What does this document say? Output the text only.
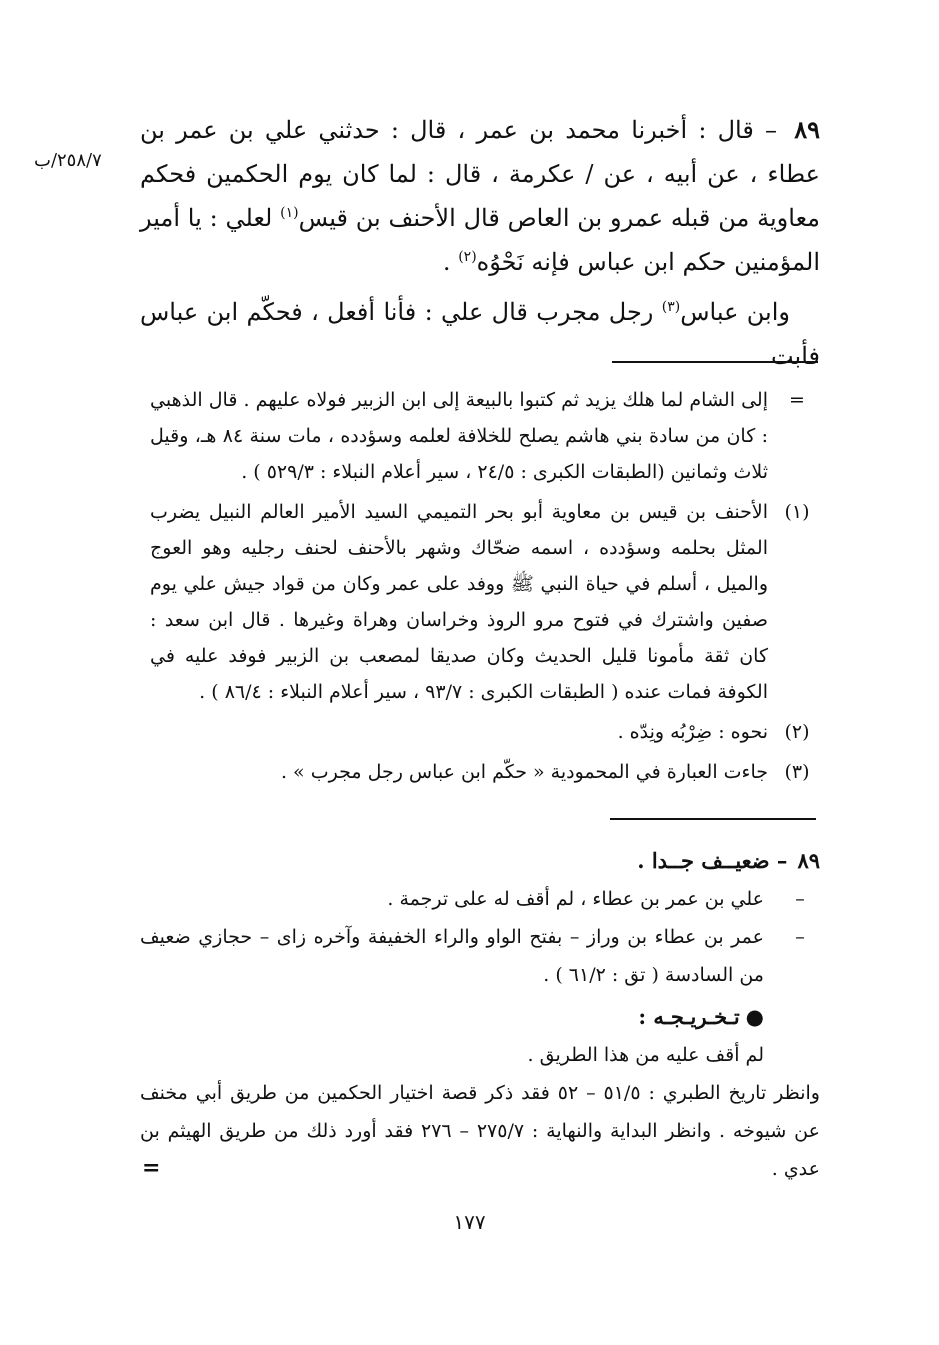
٢٥٨/٧/ب
٨٩ – قال : أخبرنا محمد بن عمر ، قال : حدثني علي بن عمر بن عطاء ، عن أبيه ، عن / عكرمة ، قال : لما كان يوم الحكمين فحكم معاوية من قبله عمرو بن العاص قال الأحنف بن قيس$^{(١)}$ لعلي : يا أمير المؤمنين حكم ابن عباس فإنه نَحْوُه$^{(٢)}$ .
وابن عباس$^{(٣)}$ رجل مجرب قال علي : فأنا أفعل ، فحكّم ابن عباس فأبت
=
إلى الشام لما هلك يزيد ثم كتبوا بالبيعة إلى ابن الزبير فولاه عليهم . قال الذهبي : كان من سادة بني هاشم يصلح للخلافة لعلمه وسؤدده ، مات سنة ٨٤ هـ، وقيل ثلاث وثمانين (الطبقات الكبرى : ٢٤/٥ ، سير أعلام النبلاء : ٥٢٩/٣ ) .
(١)
الأحنف بن قيس بن معاوية أبو بحر التميمي السيد الأمير العالم النبيل يضرب المثل بحلمه وسؤدده ، اسمه ضحّاك وشهر بالأحنف لحنف رجليه وهو العوج والميل ، أسلم في حياة النبي ﷺ ووفد على عمر وكان من قواد جيش علي يوم صفين واشترك في فتوح مرو الروذ وخراسان وهراة وغيرها . قال ابن سعد : كان ثقة مأمونا قليل الحديث وكان صديقا لمصعب بن الزبير فوفد عليه في الكوفة فمات عنده ( الطبقات الكبرى : ٩٣/٧ ، سير أعلام النبلاء : ٨٦/٤ ) .
(٢)
نحوه : ضِرْبُه ونِدّه .
(٣)
جاءت العبارة في المحمودية « حكّم ابن عباس رجل مجرب » .
٨٩– ضعيــف جــدا .
–
علي بن عمر بن عطاء ، لم أقف له على ترجمة .
–
عمر بن عطاء بن وراز – بفتح الواو والراء الخفيفة وآخره زاى – حجازي ضعيف من السادسة ( تق : ٦١/٢ ) .
●تـخـريـجـه :
لم أقف عليه من هذا الطريق .
وانظر تاريخ الطبري : ٥١/٥ – ٥٢ فقد ذكر قصة اختيار الحكمين من طريق أبي مخنف عن شيوخه . وانظر البداية والنهاية : ٢٧٥/٧ – ٢٧٦ فقد أورد ذلك من طريق الهيثم بن عدي .
=
١٧٧
